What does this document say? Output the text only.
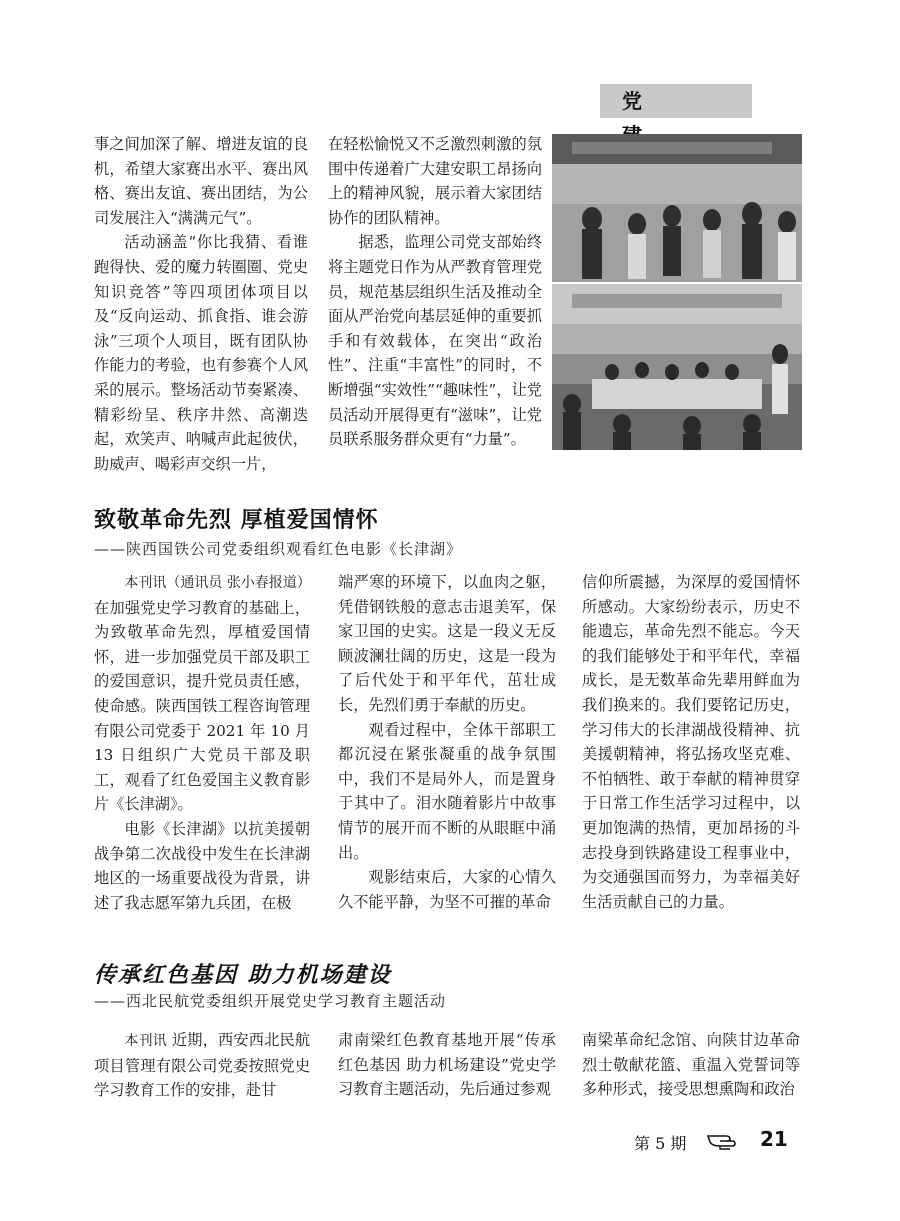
党

事之间加深了解、增进友谊的良机，希望大家赛出水平、赛出风格、赛出友谊、赛出团结，为公司发展注入“满满元气”。

活动涵盖“你比我猜、看谁跑得快、爱的魔力转圈圈、党史知识竞答”等四项团体项目以及“反向运动、抓食指、谁会游泳”三项个人项目，既有团队协作能力的考验，也有参赛个人风采的展示。整场活动节奏紧凑、精彩纷呈、秩序井然、高潮迭起，欢笑声、呐喊声此起彼伏，助威声、喝彩声交织一片，

在轻松愉悦又不乏激烈刺激的氛围中传递着广大建安职工昂扬向上的精神风貌，展示着大家团结协作的团队精神。

据悉，监理公司党支部始终将主题党日作为从严教育管理党员，规范基层组织生活及推动全面从严治党向基层延伸的重要抓手和有效载体，在突出“政治性”、注重“丰富性”的同时，不断增强“实效性”“趣味性”，让党员活动开展得更有“滋味”，让党员联系服务群众更有“力量”。

致敬革命先烈 厚植爱国情怀
——陕西国铁公司党委组织观看红色电影《长津湖》

本刊讯（通讯员 张小春报道）在加强党史学习教育的基础上，为致敬革命先烈，厚植爱国情怀，进一步加强党员干部及职工的爱国意识，提升党员责任感，使命感。陕西国铁工程咨询管理有限公司党委于 2021 年 10 月 13 日组织广大党员干部及职工，观看了红色爱国主义教育影片《长津湖》。

电影《长津湖》以抗美援朝战争第二次战役中发生在长津湖地区的一场重要战役为背景，讲述了我志愿军第九兵团，在极

端严寒的环境下，以血肉之躯，凭借钢铁般的意志击退美军，保家卫国的史实。这是一段义无反顾波澜壮阔的历史，这是一段为了后代处于和平年代，茁壮成长，先烈们勇于奉献的历史。

观看过程中，全体干部职工都沉浸在紧张凝重的战争氛围中，我们不是局外人，而是置身于其中了。泪水随着影片中故事情节的展开而不断的从眼眶中涌出。

观影结束后，大家的心情久久不能平静，为坚不可摧的革命

信仰所震撼，为深厚的爱国情怀所感动。大家纷纷表示，历史不能遗忘，革命先烈不能忘。今天的我们能够处于和平年代，幸福成长，是无数革命先辈用鲜血为我们换来的。我们要铭记历史，学习伟大的长津湖战役精神、抗美援朝精神，将弘扬攻坚克难、不怕牺牲、敢于奉献的精神贯穿于日常工作生活学习过程中，以更加饱满的热情，更加昂扬的斗志投身到铁路建设工程事业中，为交通强国而努力，为幸福美好生活贡献自己的力量。

传承红色基因 助力机场建设
——西北民航党委组织开展党史学习教育主题活动

本刊讯 近期，西安西北民航项目管理有限公司党委按照党史学习教育工作的安排，赴甘

肃南梁红色教育基地开展“传承红色基因 助力机场建设”党史学习教育主题活动，先后通过参观

南梁革命纪念馆、向陕甘边革命烈士敬献花篮、重温入党誓词等多种形式，接受思想熏陶和政治

第 5 期	21
